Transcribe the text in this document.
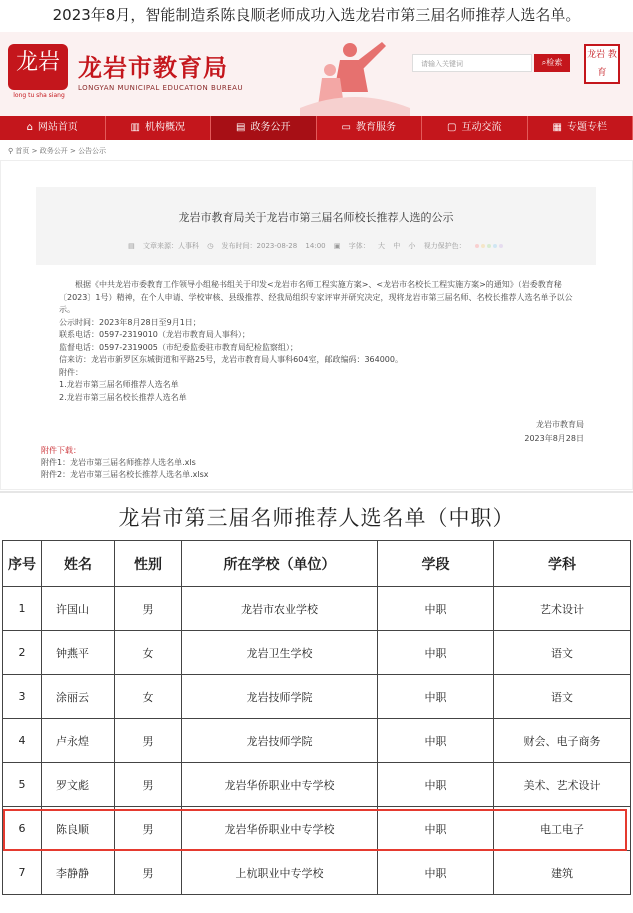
2023年8月，智能制造系陈良顺老师成功入选龙岩市第三届名师推荐人选名单。
龙岩
long tu sha siang
龙岩市教育局
LONGYAN MUNICIPAL EDUCATION BUREAU
请输入关键词	⌕检索
龙岩 教育
⌂ 网站首页	▥ 机构概况	▤ 政务公开	▭ 教育服务	▢ 互动交流	▦ 专题专栏
⚲ 首页 > 政务公开 > 公告公示
龙岩市教育局关于龙岩市第三届名师校长推荐人选的公示
▤ 文章来源：人事科 ◷ 发布时间：2023-08-28 14:00 ▣ 字体： 大 中 小 视力保护色：

根据《中共龙岩市委教育工作领导小组秘书组关于印发<龙岩市名师工程实施方案>、<龙岩市名校长工程实施方案>的通知》（岩委教育秘〔2023〕1号）精神，在个人申请、学校审核、县级推荐、经我局组织专家评审并研究决定，现将龙岩市第三届名师、名校长推荐人选名单予以公示。

公示时间：2023年8月28日至9月1日；

联系电话：0597-2319010（龙岩市教育局人事科）；

监督电话：0597-2319005（市纪委监委驻市教育局纪检监察组）；

信来访：龙岩市新罗区东城街道和平路25号，龙岩市教育局人事科604室，邮政编码：364000。

附件：

1.龙岩市第三届名师推荐人选名单

2.龙岩市第三届名校长推荐人选名单

龙岩市教育局
2023年8月28日
附件下载：
附件1：龙岩市第三届名师推荐人选名单.xls
附件2：龙岩市第三届名校长推荐人选名单.xlsx
龙岩市第三届名师推荐人选名单（中职）
序号	姓名	性别	所在学校（单位）	学段	学科
1	许国山	男	龙岩市农业学校	中职	艺术设计
2	钟燕平	女	龙岩卫生学校	中职	语文
3	涂丽云	女	龙岩技师学院	中职	语文
4	卢永煌	男	龙岩技师学院	中职	财会、电子商务
5	罗文彪	男	龙岩华侨职业中专学校	中职	美术、艺术设计
6	陈良顺	男	龙岩华侨职业中专学校	中职	电工电子
7	李静静	男	上杭职业中专学校	中职	建筑
